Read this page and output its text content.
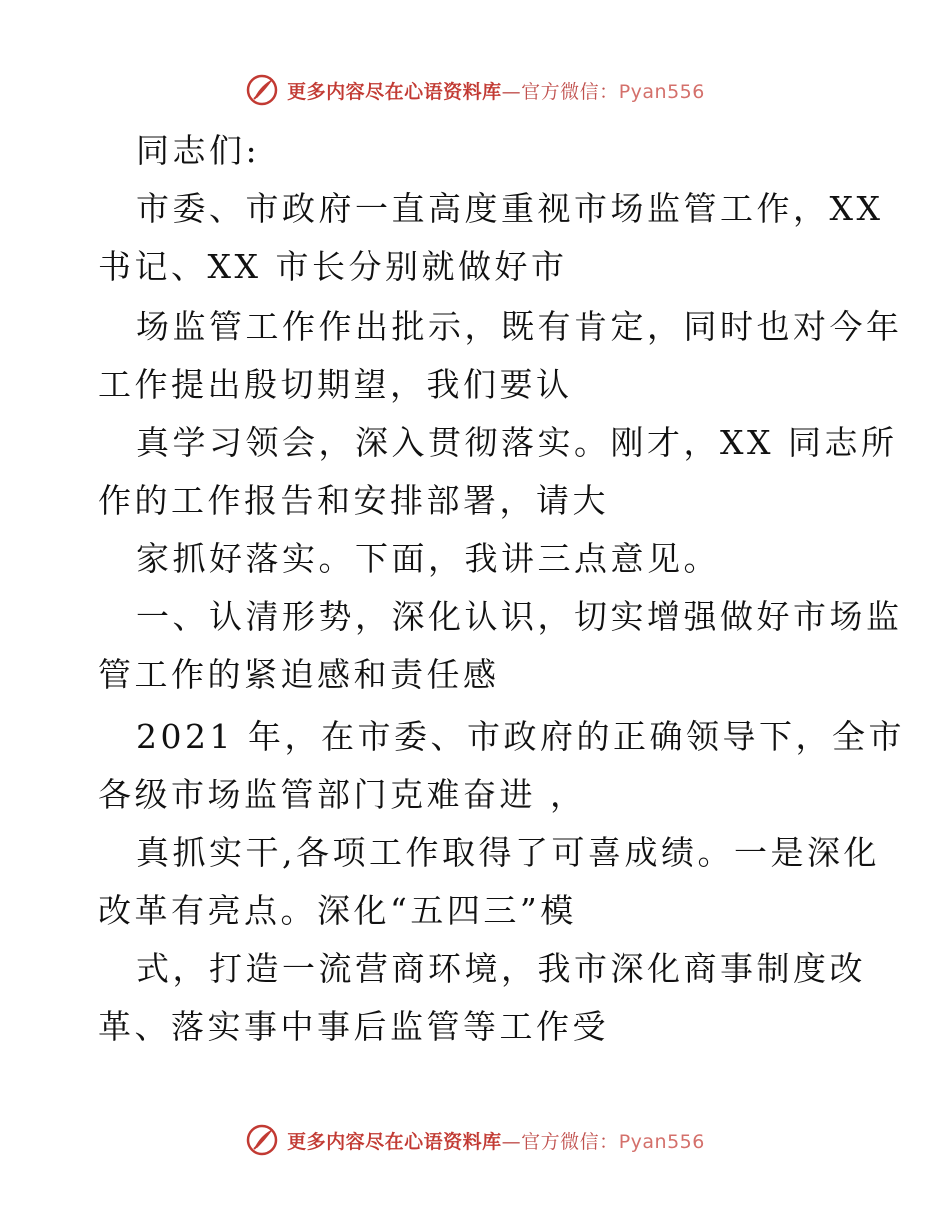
更多内容尽在心语资料库—官方微信：Pyan556
同志们:
市委、市政府一直高度重视市场监管工作，XX
书记、XX 市长分别就做好市
场监管工作作出批示，既有肯定，同时也对今年
工作提出殷切期望，我们要认
真学习领会，深入贯彻落实。刚才，XX 同志所
作的工作报告和安排部署，请大
家抓好落实。下面，我讲三点意见。
一、认清形势，深化认识，切实增强做好市场监
管工作的紧迫感和责任感
2021 年，在市委、市政府的正确领导下，全市
各级市场监管部门克难奋进 ，
真抓实干,各项工作取得了可喜成绩。一是深化
改革有亮点。深化“五四三”模
式，打造一流营商环境，我市深化商事制度改
革、落实事中事后监管等工作受
更多内容尽在心语资料库—官方微信：Pyan556
